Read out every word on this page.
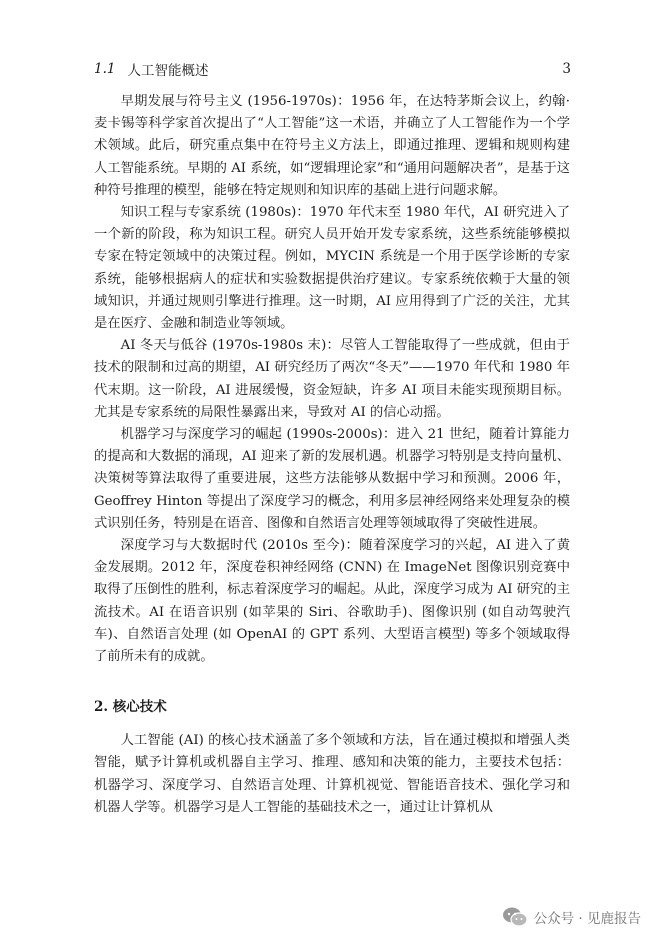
1.1 人工智能概述	3

早期发展与符号主义 (1956-1970s)：1956 年，在达特茅斯会议上，约翰·麦卡锡等科学家首次提出了“人工智能”这一术语，并确立了人工智能作为一个学术领域。此后，研究重点集中在符号主义方法上，即通过推理、逻辑和规则构建人工智能系统。早期的 AI 系统，如“逻辑理论家”和“通用问题解决者”，是基于这种符号推理的模型，能够在特定规则和知识库的基础上进行问题求解。

知识工程与专家系统 (1980s)：1970 年代末至 1980 年代，AI 研究进入了一个新的阶段，称为知识工程。研究人员开始开发专家系统，这些系统能够模拟专家在特定领域中的决策过程。例如，MYCIN 系统是一个用于医学诊断的专家系统，能够根据病人的症状和实验数据提供治疗建议。专家系统依赖于大量的领域知识，并通过规则引擎进行推理。这一时期，AI 应用得到了广泛的关注，尤其是在医疗、金融和制造业等领域。

AI 冬天与低谷 (1970s-1980s 末)：尽管人工智能取得了一些成就，但由于技术的限制和过高的期望，AI 研究经历了两次“冬天”——1970 年代和 1980 年代末期。这一阶段，AI 进展缓慢，资金短缺，许多 AI 项目未能实现预期目标。尤其是专家系统的局限性暴露出来，导致对 AI 的信心动摇。

机器学习与深度学习的崛起 (1990s-2000s)：进入 21 世纪，随着计算能力的提高和大数据的涌现，AI 迎来了新的发展机遇。机器学习特别是支持向量机、决策树等算法取得了重要进展，这些方法能够从数据中学习和预测。2006 年，Geoffrey Hinton 等提出了深度学习的概念，利用多层神经网络来处理复杂的模式识别任务，特别是在语音、图像和自然语言处理等领域取得了突破性进展。

深度学习与大数据时代 (2010s 至今)：随着深度学习的兴起，AI 进入了黄金发展期。2012 年，深度卷积神经网络 (CNN) 在 ImageNet 图像识别竞赛中取得了压倒性的胜利，标志着深度学习的崛起。从此，深度学习成为 AI 研究的主流技术。AI 在语音识别 (如苹果的 Siri、谷歌助手)、图像识别 (如自动驾驶汽车)、自然语言处理 (如 OpenAI 的 GPT 系列、大型语言模型) 等多个领域取得了前所未有的成就。

2. 核心技术

人工智能 (AI) 的核心技术涵盖了多个领域和方法，旨在通过模拟和增强人类智能，赋予计算机或机器自主学习、推理、感知和决策的能力，主要技术包括：机器学习、深度学习、自然语言处理、计算机视觉、智能语音技术、强化学习和机器人学等。机器学习是人工智能的基础技术之一，通过让计算机从

公众号 · 见鹿报告
